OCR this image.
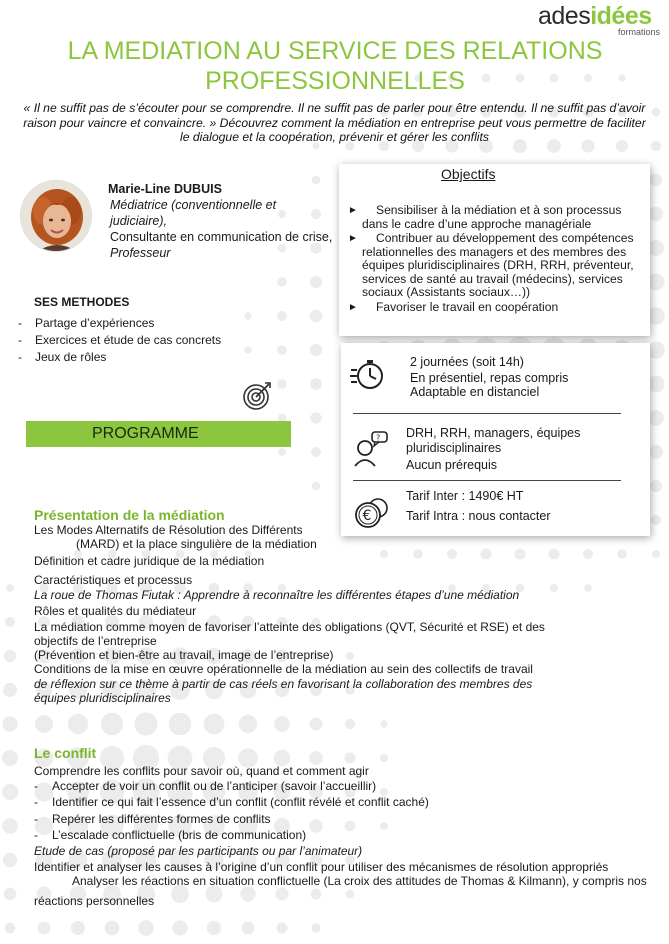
adesidées
formations
LA MEDIATION AU SERVICE DES RELATIONS PROFESSIONNELLES

« Il ne suffit pas de s’écouter pour se comprendre. Il ne suffit pas de parler pour être entendu. Il ne suffit pas d’avoir raison pour vaincre et convaincre. » Découvrez comment la médiation en entreprise peut vous permettre de faciliter le dialogue et la coopération, prévenir et gérer les conflits

Marie-Line DUBUIS
Médiatrice (conventionnelle et judiciaire),
Consultante en communication de crise,
Professeur
SES METHODES
- Partage d’expériences
- Exercices et étude de cas concrets
- Jeux de rôles
PROGRAMME
Objectifs
► Sensibiliser à la médiation et à son processus dans le cadre d’une approche managériale
► Contribuer au développement des compétences relationnelles des managers et des membres des équipes pluridisciplinaires (DRH, RRH, préventeur, services de santé au travail (médecins), services sociaux (Assistants sociaux…))
► Favoriser le travail en coopération
2 journées (soit 14h)
En présentiel, repas compris
Adaptable en distanciel
? DRH, RRH, managers, équipes pluridisciplinaires
Aucun prérequis
€
Tarif Inter : 1490€ HT
Tarif Intra : nous contacter
Présentation de la médiation
Les Modes Alternatifs de Résolution des Différents
(MARD) et la place singulière de la médiation
Définition et cadre juridique de la médiation
Caractéristiques et processus
La roue de Thomas Fiutak : Apprendre à reconnaître les différentes étapes d’une médiation
Rôles et qualités du médiateur
La médiation comme moyen de favoriser l’atteinte des obligations (QVT, Sécurité et RSE) et des
objectifs de l’entreprise
(Prévention et bien-être au travail, image de l’entreprise)
Conditions de la mise en œuvre opérationnelle de la médiation au sein des collectifs de travail
de réflexion sur ce thème à partir de cas réels en favorisant la collaboration des membres des
équipes pluridisciplinaires
Le conflit
Comprendre les conflits pour savoir où, quand et comment agir
- Accepter de voir un conflit ou de l’anticiper (savoir l’accueillir)
- Identifier ce qui fait l’essence d’un conflit (conflit révélé et conflit caché)
- Repérer les différentes formes de conflits
- L’escalade conflictuelle (bris de communication)
Etude de cas (proposé par les participants ou par l’animateur)
Identifier et analyser les causes à l’origine d’un conflit pour utiliser des mécanismes de résolution appropriés
Analyser les réactions en situation conflictuelle (La croix des attitudes de Thomas & Kilmann), y compris nos
réactions personnelles
